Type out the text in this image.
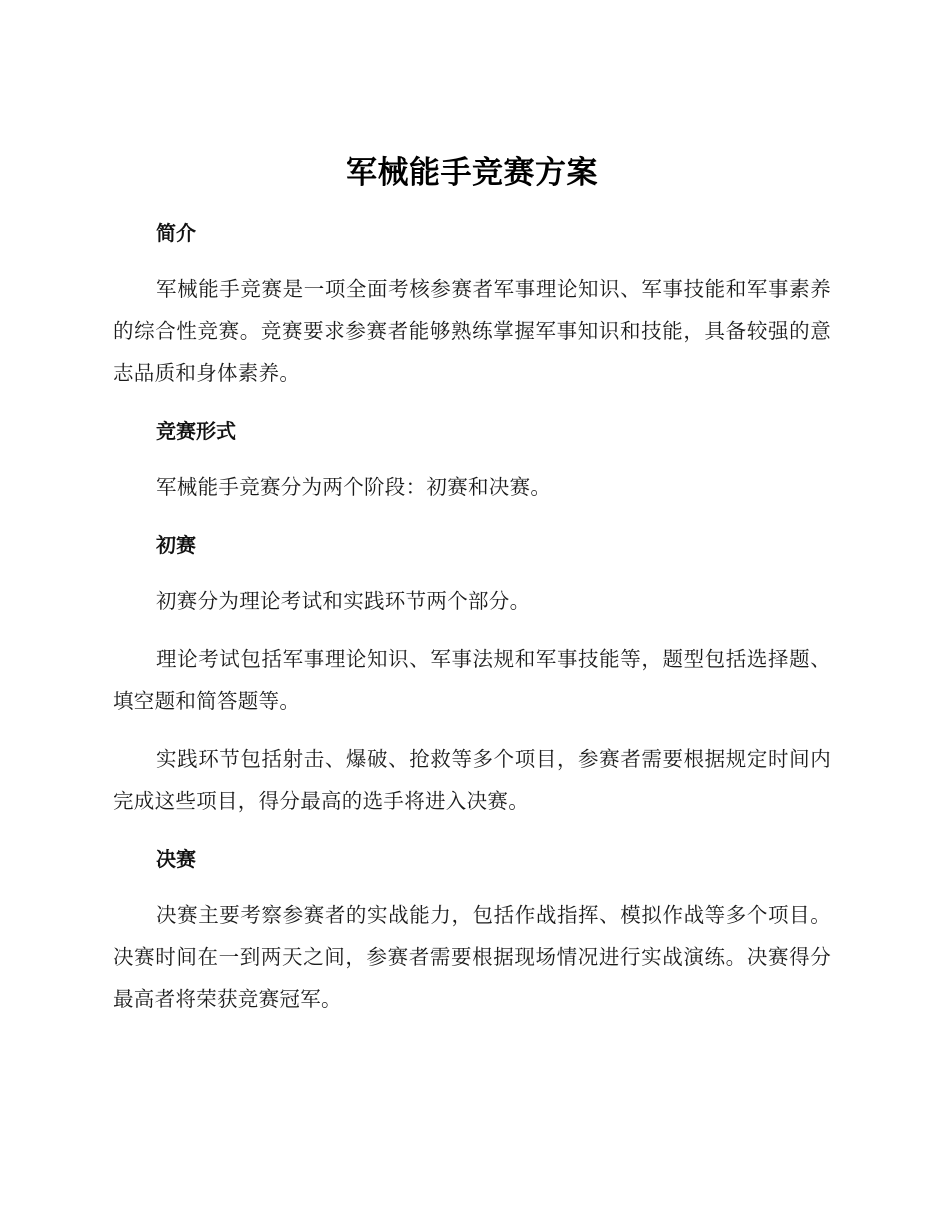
军械能手竞赛方案
简介

军械能手竞赛是一项全面考核参赛者军事理论知识、军事技能和军事素养的综合性竞赛。竞赛要求参赛者能够熟练掌握军事知识和技能，具备较强的意志品质和身体素养。

竞赛形式

军械能手竞赛分为两个阶段：初赛和决赛。

初赛

初赛分为理论考试和实践环节两个部分。

理论考试包括军事理论知识、军事法规和军事技能等，题型包括选择题、填空题和简答题等。

实践环节包括射击、爆破、抢救等多个项目，参赛者需要根据规定时间内完成这些项目，得分最高的选手将进入决赛。

决赛

决赛主要考察参赛者的实战能力，包括作战指挥、模拟作战等多个项目。决赛时间在一到两天之间，参赛者需要根据现场情况进行实战演练。决赛得分最高者将荣获竞赛冠军。
